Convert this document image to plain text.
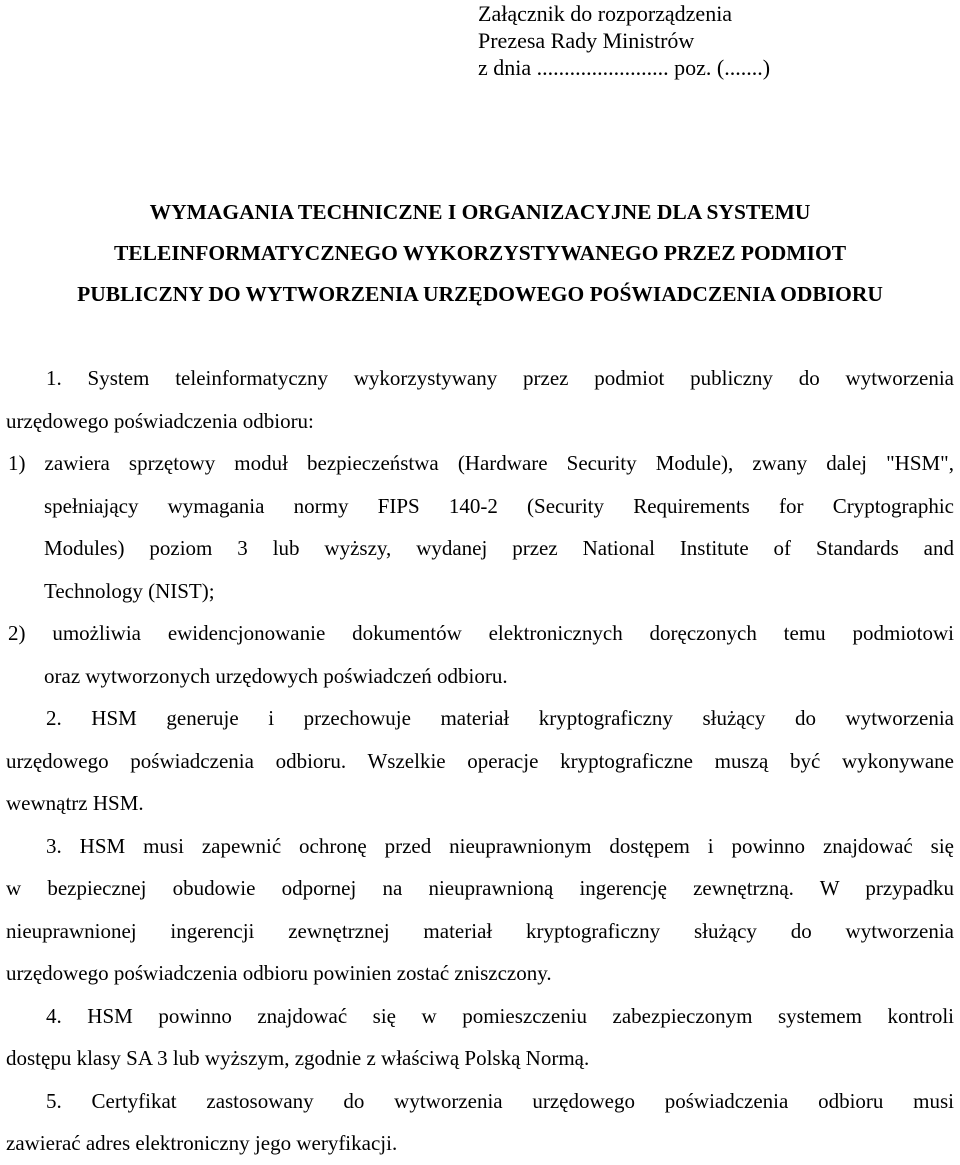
Załącznik do rozporządzenia
Prezesa Rady Ministrów
z dnia ........................ poz. (.......)
WYMAGANIA TECHNICZNE I ORGANIZACYJNE DLA SYSTEMU
TELEINFORMATYCZNEGO WYKORZYSTYWANEGO PRZEZ PODMIOT
PUBLICZNY DO WYTWORZENIA URZĘDOWEGO POŚWIADCZENIA ODBIORU
1. System teleinformatyczny wykorzystywany przez podmiot publiczny do wytworzenia
urzędowego poświadczenia odbioru:
1) zawiera sprzętowy moduł bezpieczeństwa (Hardware Security Module), zwany dalej "HSM",
spełniający wymagania normy FIPS 140-2 (Security Requirements for Cryptographic
Modules) poziom 3 lub wyższy, wydanej przez National Institute of Standards and
Technology (NIST);
2) umożliwia ewidencjonowanie dokumentów elektronicznych doręczonych temu podmiotowi
oraz wytworzonych urzędowych poświadczeń odbioru.
2. HSM generuje i przechowuje materiał kryptograficzny służący do wytworzenia
urzędowego poświadczenia odbioru. Wszelkie operacje kryptograficzne muszą być wykonywane
wewnątrz HSM.
3. HSM musi zapewnić ochronę przed nieuprawnionym dostępem i powinno znajdować się
w bezpiecznej obudowie odpornej na nieuprawnioną ingerencję zewnętrzną. W przypadku
nieuprawnionej ingerencji zewnętrznej materiał kryptograficzny służący do wytworzenia
urzędowego poświadczenia odbioru powinien zostać zniszczony.
4. HSM powinno znajdować się w pomieszczeniu zabezpieczonym systemem kontroli
dostępu klasy SA 3 lub wyższym, zgodnie z właściwą Polską Normą.
5. Certyfikat zastosowany do wytworzenia urzędowego poświadczenia odbioru musi
zawierać adres elektroniczny jego weryfikacji.
